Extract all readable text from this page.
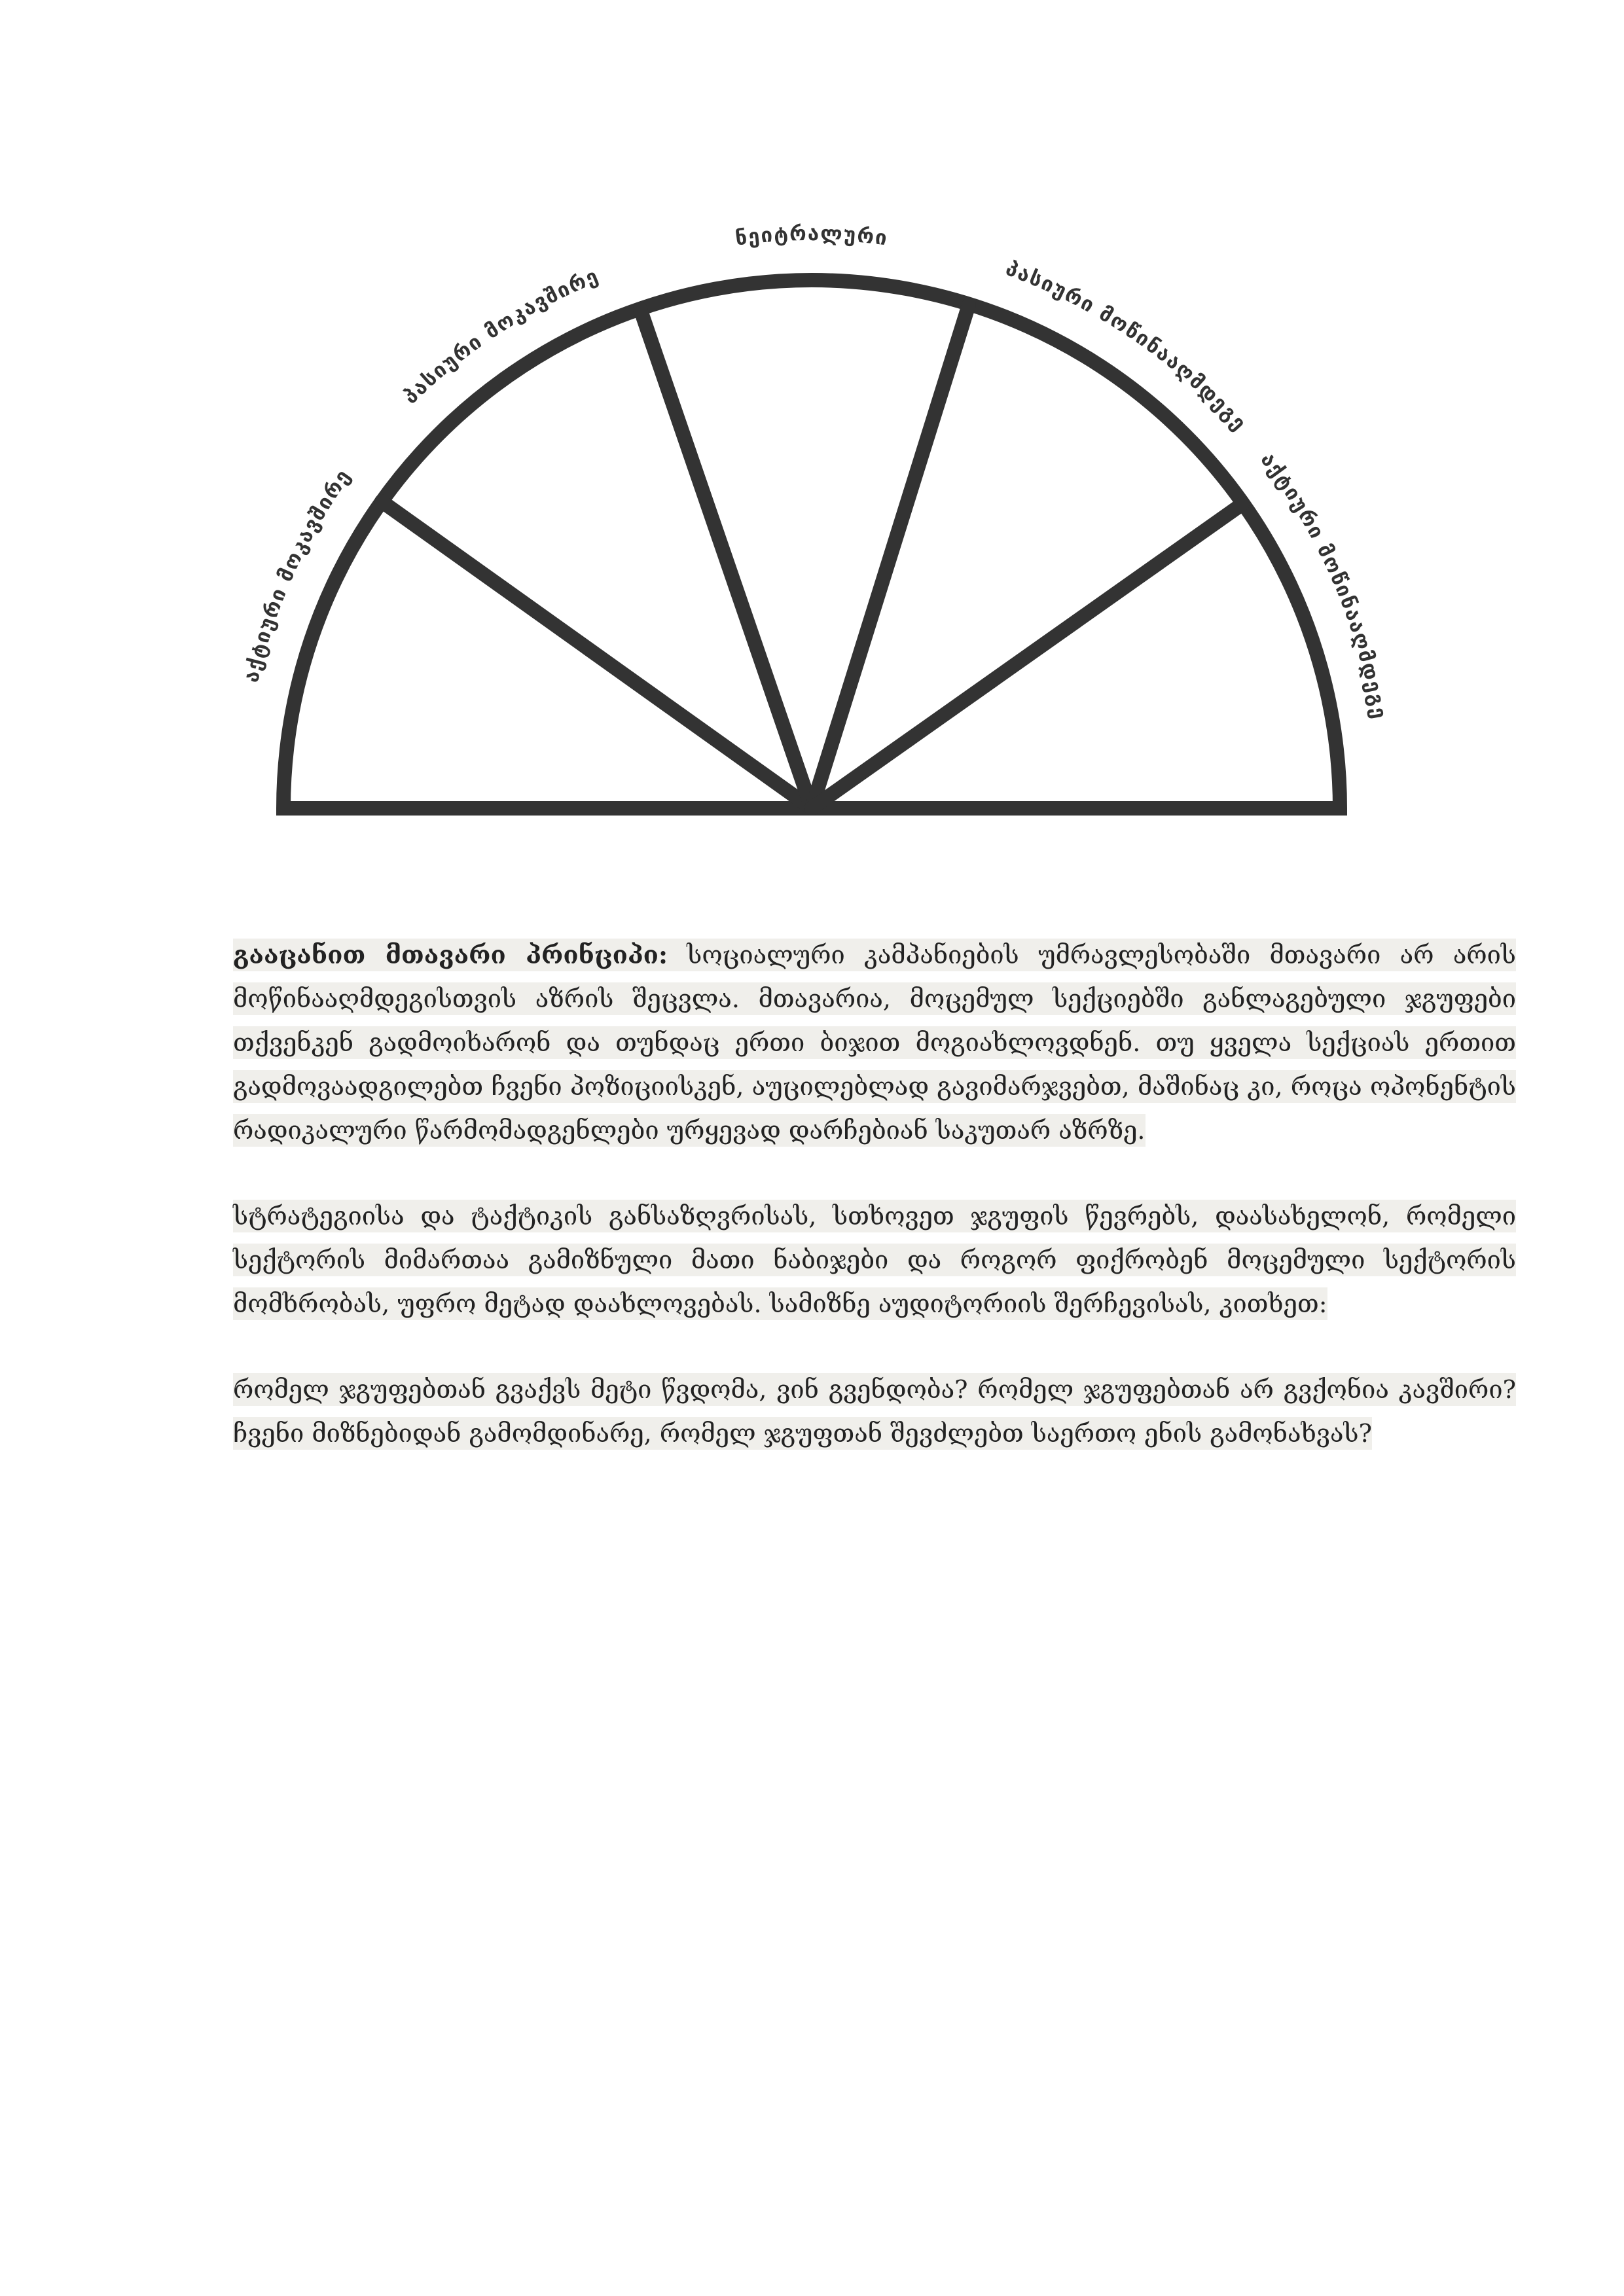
აქტიური მოკავშირე
პასიური მოკავშირე
ნეიტრალური
პასიური მოწინააღმდეგე
აქტიური მოწინააღმდეგე

გააცანით მთავარი პრინციპი: სოციალური კამპანიების უმრავლესობაში მთავარი არ არის მოწინააღმდეგისთვის აზრის შეცვლა. მთავარია, მოცემულ სექციებში განლაგებული ჯგუფები თქვენკენ გადმოიხარონ და თუნდაც ერთი ბიჯით მოგიახლოვდნენ. თუ ყველა სექციას ერთით გადმოვაადგილებთ ჩვენი პოზიციისკენ, აუცილებლად გავიმარჯვებთ, მაშინაც კი, როცა ოპონენტის რადიკალური წარმომადგენლები ურყევად დარჩებიან საკუთარ აზრზე.

სტრატეგიისა და ტაქტიკის განსაზღვრისას, სთხოვეთ ჯგუფის წევრებს, დაასახელონ, რომელი სექტორის მიმართაა გამიზნული მათი ნაბიჯები და როგორ ფიქრობენ მოცემული სექტორის მომხრობას, უფრო მეტად დაახლოვებას. სამიზნე აუდიტორიის შერჩევისას, კითხეთ:

რომელ ჯგუფებთან გვაქვს მეტი წვდომა, ვინ გვენდობა? რომელ ჯგუფებთან არ გვქონია კავშირი? ჩვენი მიზნებიდან გამომდინარე, რომელ ჯგუფთან შევძლებთ საერთო ენის გამონახვას?
